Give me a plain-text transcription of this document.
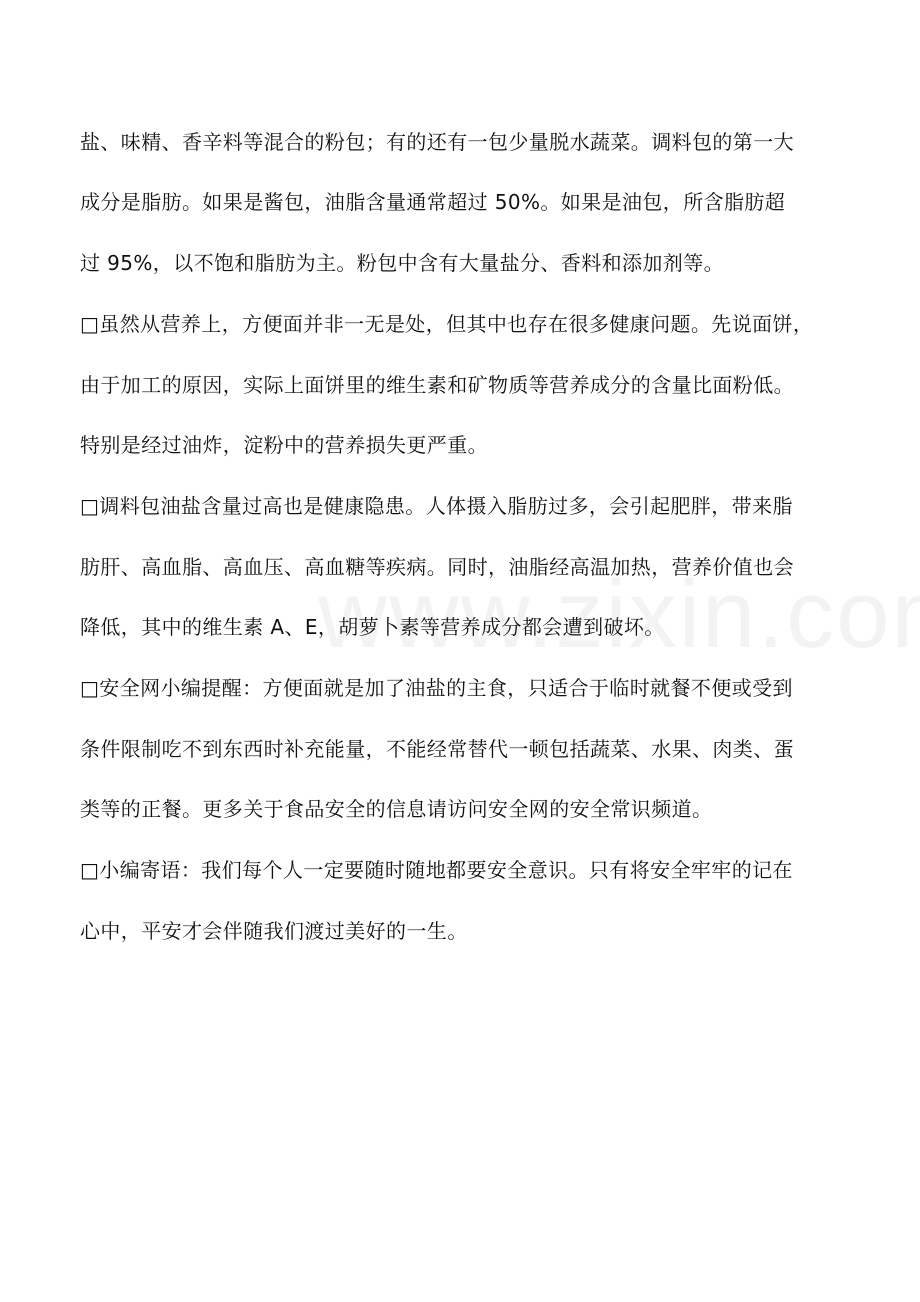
盐、味精、香辛料等混合的粉包；有的还有一包少量脱水蔬菜。调料包的第一大
成分是脂肪。如果是酱包，油脂含量通常超过 50%。如果是油包，所含脂肪超
过 95%，以不饱和脂肪为主。粉包中含有大量盐分、香料和添加剂等。
□虽然从营养上，方便面并非一无是处，但其中也存在很多健康问题。先说面饼，
由于加工的原因，实际上面饼里的维生素和矿物质等营养成分的含量比面粉低。
特别是经过油炸，淀粉中的营养损失更严重。
□调料包油盐含量过高也是健康隐患。人体摄入脂肪过多，会引起肥胖，带来脂
肪肝、高血脂、高血压、高血糖等疾病。同时，油脂经高温加热，营养价值也会
降低，其中的维生素 A、E，胡萝卜素等营养成分都会遭到破坏。
□安全网小编提醒：方便面就是加了油盐的主食，只适合于临时就餐不便或受到
条件限制吃不到东西时补充能量，不能经常替代一顿包括蔬菜、水果、肉类、蛋
类等的正餐。更多关于食品安全的信息请访问安全网的安全常识频道。
□小编寄语：我们每个人一定要随时随地都要安全意识。只有将安全牢牢的记在
心中，平安才会伴随我们渡过美好的一生。
